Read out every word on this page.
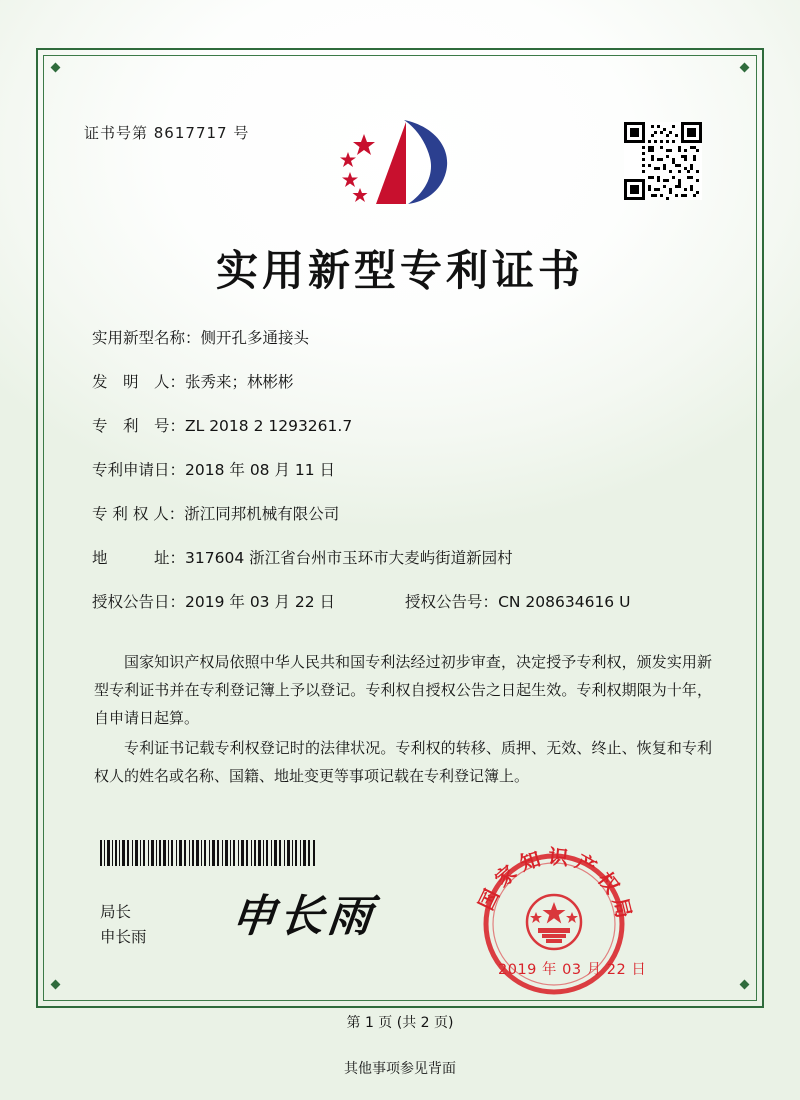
证书号第 8617717 号
实用新型专利证书
实用新型名称： 侧开孔多通接头
发　明　人： 张秀来；林彬彬
专　利　号： ZL 2018 2 1293261.7
专利申请日： 2018 年 08 月 11 日
专 利 权 人： 浙江同邦机械有限公司
地　　　址： 317604 浙江省台州市玉环市大麦屿街道新园村
授权公告日： 2019 年 03 月 22 日	授权公告号： CN 208634616 U

国家知识产权局依照中华人民共和国专利法经过初步审查，决定授予专利权，颁发实用新型专利证书并在专利登记簿上予以登记。专利权自授权公告之日起生效。专利权期限为十年，自申请日起算。

专利证书记载专利权登记时的法律状况。专利权的转移、质押、无效、终止、恢复和专利权人的姓名或名称、国籍、地址变更等事项记载在专利登记簿上。

局长
申长雨 申长雨	国家知识产权局
2019 年 03 月 22 日
第 1 页 (共 2 页)
其他事项参见背面
